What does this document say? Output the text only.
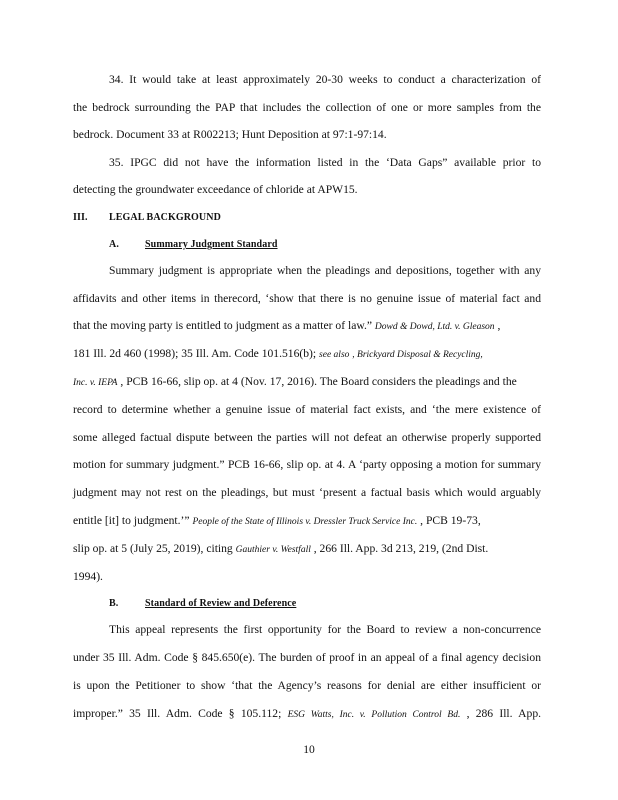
34. It would take at least approximately 20-30 weeks to conduct a characterization of
the bedrock surrounding the PAP that includes the collection of one or more samples from the
bedrock. Document 33 at R002213; Hunt Deposition at 97:1-97:14.
35. IPGC did not have the information listed in the ‘Data Gaps” available prior to
detecting the groundwater exceedance of chloride at APW15.
III. LEGAL BACKGROUND
A.	Summary Judgment Standard
Summary judgment is appropriate when the pleadings and depositions, together with any
affidavits and other items in therecord, ‘show that there is no genuine issue of material fact and
that the moving party is entitled to judgment as a matter of law.” Dowd & Dowd, Ltd. v. Gleason ,
181 Ill. 2d 460 (1998); 35 Ill. Am. Code 101.516(b); see also , Brickyard Disposal & Recycling,
Inc. v. IEPA , PCB 16-66, slip op. at 4 (Nov. 17, 2016). The Board considers the pleadings and the
record to determine whether a genuine issue of material fact exists, and ‘the mere existence of
some alleged factual dispute between the parties will not defeat an otherwise properly supported
motion for summary judgment.” PCB 16-66, slip op. at 4. A ‘party opposing a motion for summary
judgment may not rest on the pleadings, but must ‘present a factual basis which would arguably
entitle [it] to judgment.’” People of the State of Illinois v. Dressler Truck Service Inc. , PCB 19-73,
slip op. at 5 (July 25, 2019), citing Gauthier v. Westfall , 266 Ill. App. 3d 213, 219, (2nd Dist.
1994).
B.	Standard of Review and Deference
This appeal represents the first opportunity for the Board to review a non-concurrence
under 35 Ill. Adm. Code § 845.650(e). The burden of proof in an appeal of a final agency decision
is upon the Petitioner to show ‘that the Agency’s reasons for denial are either insufficient or
improper.” 35 Ill. Adm. Code § 105.112; ESG Watts, Inc. v. Pollution Control Bd. , 286 Ill. App.
10
